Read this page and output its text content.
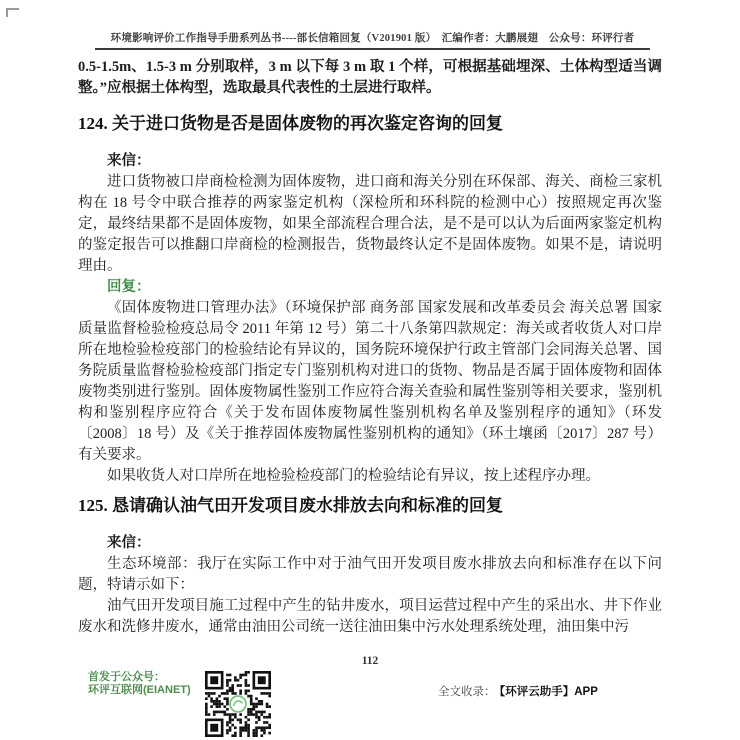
环境影响评价工作指导手册系列丛书----部长信箱回复（V201901 版）　汇编作者：大鹏展翅　公众号：环评行者

0.5-1.5m、1.5-3 m 分别取样，3 m 以下每 3 m 取 1 个样，可根据基础埋深、土体构型适当调整。”应根据土体构型，选取最具代表性的土层进行取样。

124. 关于进口货物是否是固体废物的再次鉴定咨询的回复

来信：

进口货物被口岸商检检测为固体废物，进口商和海关分别在环保部、海关、商检三家机构在 18 号令中联合推荐的两家鉴定机构（深检所和环科院的检测中心）按照规定再次鉴定，最终结果都不是固体废物，如果全部流程合理合法，是不是可以认为后面两家鉴定机构的鉴定报告可以推翻口岸商检的检测报告，货物最终认定不是固体废物。如果不是，请说明理由。

回复：

《固体废物进口管理办法》（环境保护部 商务部 国家发展和改革委员会 海关总署 国家质量监督检验检疫总局令 2011 年第 12 号）第二十八条第四款规定：海关或者收货人对口岸所在地检验检疫部门的检验结论有异议的，国务院环境保护行政主管部门会同海关总署、国务院质量监督检验检疫部门指定专门鉴别机构对进口的货物、物品是否属于固体废物和固体废物类别进行鉴别。固体废物属性鉴别工作应符合海关查验和属性鉴别等相关要求，鉴别机构和鉴别程序应符合《关于发布固体废物属性鉴别机构名单及鉴别程序的通知》（环发〔2008〕18 号）及《关于推荐固体废物属性鉴别机构的通知》（环土壤函〔2017〕287 号）有关要求。

如果收货人对口岸所在地检验检疫部门的检验结论有异议，按上述程序办理。

125. 恳请确认油气田开发项目废水排放去向和标准的回复

来信：

生态环境部：我厅在实际工作中对于油气田开发项目废水排放去向和标准存在以下问题，特请示如下：

油气田开发项目施工过程中产生的钻井废水，项目运营过程中产生的采出水、井下作业废水和洗修井废水，通常由油田公司统一送往油田集中污水处理系统处理，油田集中污

112
首发于公众号：
环评互联网(EIANET)	全文收录： 【环评云助手】APP
